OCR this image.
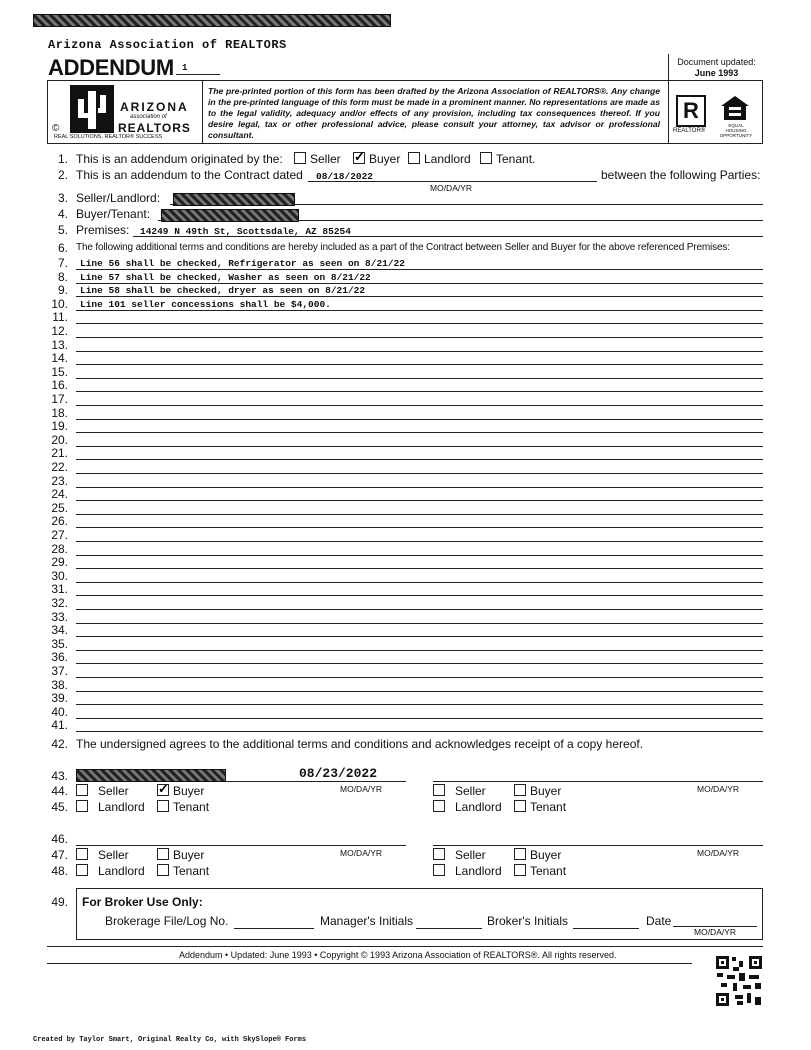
Arizona Association of REALTORS
ADDENDUM 1
Document updated:
June 1993
ARIZONA
association of
REALTORS
REAL SOLUTIONS. REALTOR® SUCCESS
©
The pre-printed portion of this form has been drafted by the Arizona Association of REALTORS®. Any change in the pre-printed language of this form must be made in a prominent manner. No representations are made as to the legal validity, adequacy and/or effects of any provision, including tax consequences thereof. If you desire legal, tax or other professional advice, please consult your attorney, tax advisor or professional consultant.
R
REALTOR®
EQUAL HOUSING OPPORTUNITY
1. This is an addendum originated by the:	Seller ✓	Buyer	Landlord	Tenant.
2. This is an addendum to the Contract dated 08/18/2022
MO/DA/YR
between the following Parties:
3. Seller/Landlord:
4. Buyer/Tenant:
5. Premises: 14249 N 49th St, Scottsdale, AZ 85254
6. The following additional terms and conditions are hereby included as a part of the Contract between Seller and Buyer for the above referenced Premises:
7. Line 56 shall be checked, Refrigerator as seen on 8/21/22
8. Line 57 shall be checked, Washer as seen on 8/21/22
9. Line 58 shall be checked, dryer as seen on 8/21/22
10. Line 101 seller concessions shall be $4,000.
11.
12.
13.
14.
15.
16.
17.
18.
19.
20.
21.
22.
23.
24.
25.
26.
27.
28.
29.
30.
31.
32.
33.
34.
35.
36.
37.
38.
39.
40.
41.
42. The undersigned agrees to the additional terms and conditions and acknowledges receipt of a copy hereof.
43.	08/23/2022
44.
45.
Seller ✓	Buyer	MO/DA/YR
Landlord	Tenant
Seller	Buyer	MO/DA/YR
Landlord	Tenant
46.
47.
48.
Seller	Buyer	MO/DA/YR
Landlord	Tenant
Seller	Buyer	MO/DA/YR
Landlord	Tenant
49. For Broker Use Only:
Brokerage File/Log No.	Manager's Initials	Broker's Initials	Date
MO/DA/YR
Addendum • Updated: June 1993 • Copyright © 1993 Arizona Association of REALTORS®. All rights reserved.
Created by Taylor Smart, Original Realty Co, with SkySlope® Forms
